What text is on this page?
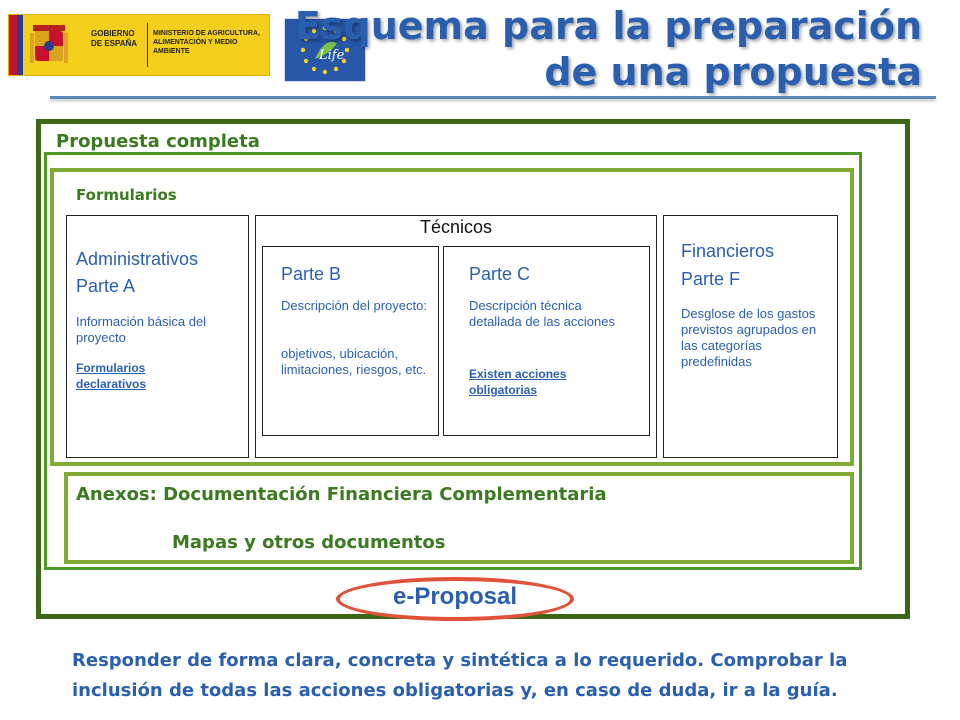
GOBIERNO DE ESPAÑA
MINISTERIO DE AGRICULTURA, ALIMENTACIÓN Y MEDIO AMBIENTE	Life
Esquema para la preparación
de una propuesta
Propuesta completa
Formularios
Administrativos
Parte A
Información básica del proyecto
Formularios declarativos
Técnicos
Parte B
Descripción del proyecto:
objetivos, ubicación, limitaciones, riesgos, etc.
Parte C
Descripción técnica detallada de las acciones
Existen acciones obligatorias
Financieros
Parte F
Desglose de los gastos previstos agrupados en las categorías predefinidas
Anexos: Documentación Financiera Complementaria
Mapas y otros documentos
e-Proposal
Responder de forma clara, concreta y sintética a lo requerido. Comprobar la inclusión de todas las acciones obligatorias y, en caso de duda, ir a la guía.
